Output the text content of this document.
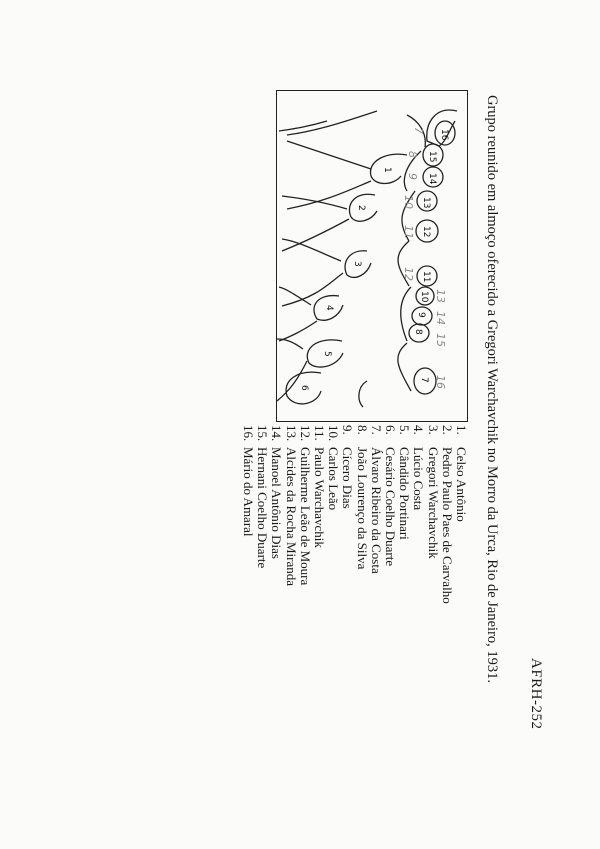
AFRH-252
Grupo reunido em almoço oferecido a Gregori Warchavchik no Morro da Urca, Rio de Janeiro, 1931.
16
15
14
13
12
11
10
9
8
7
1
2
3
4
5
6
7
8
9
10
11
12
13
14
15
16
1.Celso Antônio
2.Pedro Paulo Paes de Carvalho
3.Gregori Warchavchik
4.Lúcio Costa
5.Cândido Portinari
6.Cesário Coelho Duarte
7.Álvaro Ribeiro da Costa
8.João Lourenço da Silva
9.Cícero Dias
10.Carlos Leão
11.Paulo Warchavchik
12.Guilherme Leão de Moura
13.Alcides da Rocha Miranda
14.Manoel Antônio Dias
15.Hernani Coelho Duarte
16.Mário do Amaral
